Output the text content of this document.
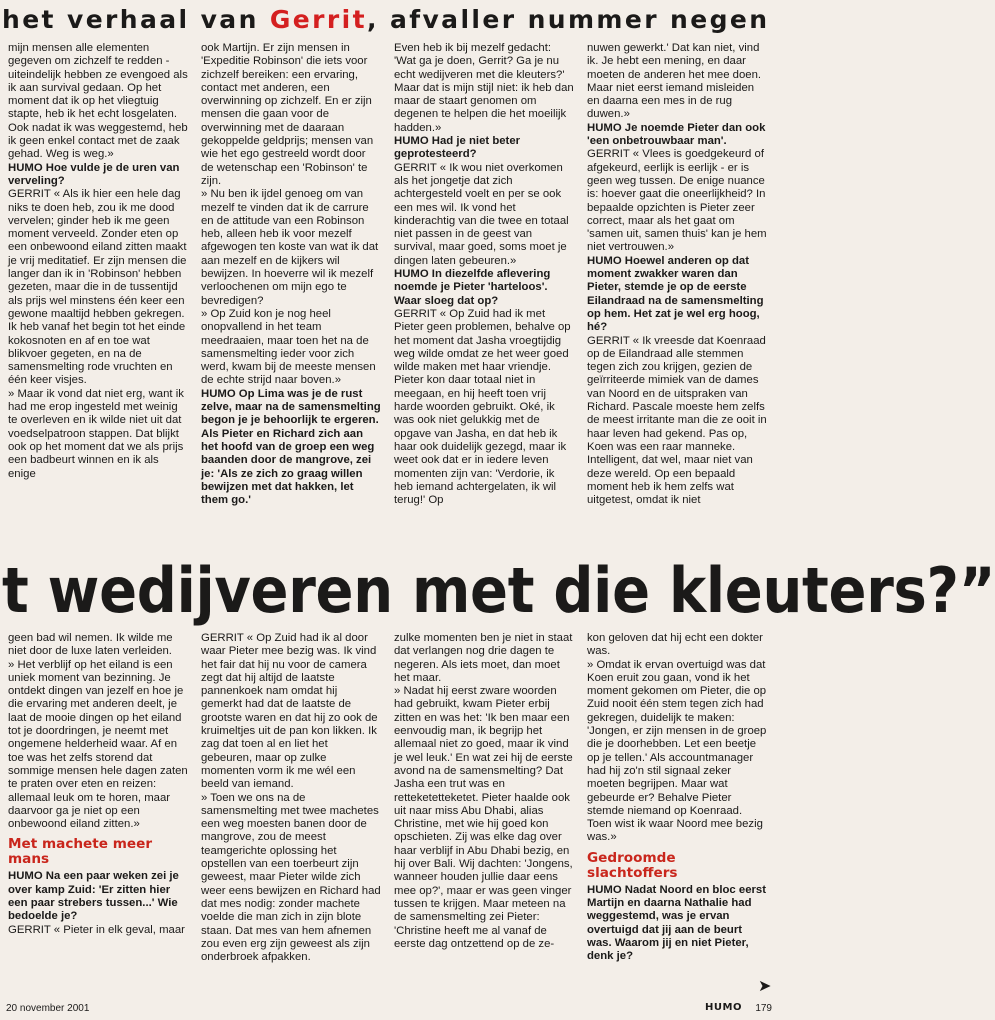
het verhaal van Gerrit, afvaller nummer negen
mijn mensen alle elementen gegeven om zichzelf te redden - uiteindelijk hebben ze evengoed als ik aan survival gedaan. Op het moment dat ik op het vliegtuig stapte, heb ik het echt losgelaten. Ook nadat ik was weggestemd, heb ik geen enkel contact met de zaak gehad. Weg is weg.»
HUMO Hoe vulde je de uren van verveling?
GERRIT « Als ik hier een hele dag niks te doen heb, zou ik me dood vervelen; ginder heb ik me geen moment verveeld. Zonder eten op een onbewoond eiland zitten maakt je vrij meditatief. Er zijn mensen die langer dan ik in 'Robinson' hebben gezeten, maar die in de tussentijd als prijs wel minstens één keer een gewone maaltijd hebben gekregen. Ik heb vanaf het begin tot het einde kokosnoten en af en toe wat blikvoer gegeten, en na de samensmelting rode vruchten en één keer visjes.
» Maar ik vond dat niet erg, want ik had me erop ingesteld met weinig te overleven en ik wilde niet uit dat voedselpatroon stappen. Dat blijkt ook op het moment dat we als prijs een badbeurt winnen en ik als enige
ook Martijn. Er zijn mensen in 'Expeditie Robinson' die iets voor zichzelf bereiken: een ervaring, contact met anderen, een overwinning op zichzelf. En er zijn mensen die gaan voor de overwinning met de daaraan gekoppelde geldprijs; mensen van wie het ego gestreeld wordt door de wetenschap een 'Robinson' te zijn.
» Nu ben ik ijdel genoeg om van mezelf te vinden dat ik de carrure en de attitude van een Robinson heb, alleen heb ik voor mezelf afgewogen ten koste van wat ik dat aan mezelf en de kijkers wil bewijzen. In hoeverre wil ik mezelf verloochenen om mijn ego te bevredigen?
» Op Zuid kon je nog heel onopvallend in het team meedraaien, maar toen het na de samensmelting ieder voor zich werd, kwam bij de meeste mensen de echte strijd naar boven.»
HUMO Op Lima was je de rust zelve, maar na de samensmelting begon je je behoorlijk te ergeren. Als Pieter en Richard zich aan het hoofd van de groep een weg baanden door de mangrove, zei je: 'Als ze zich zo graag willen bewijzen met dat hakken, let them go.'
Even heb ik bij mezelf gedacht: 'Wat ga je doen, Gerrit? Ga je nu echt wedijveren met die kleuters?' Maar dat is mijn stijl niet: ik heb dan maar de staart genomen om degenen te helpen die het moeilijk hadden.»
HUMO Had je niet beter geprotesteerd?
GERRIT « Ik wou niet overkomen als het jongetje dat zich achtergesteld voelt en per se ook een mes wil. Ik vond het kinderachtig van die twee en totaal niet passen in de geest van survival, maar goed, soms moet je dingen laten gebeuren.»
HUMO In diezelfde aflevering noemde je Pieter 'harteloos'. Waar sloeg dat op?
GERRIT « Op Zuid had ik met Pieter geen problemen, behalve op het moment dat Jasha vroegtijdig weg wilde omdat ze het weer goed wilde maken met haar vriendje. Pieter kon daar totaal niet in meegaan, en hij heeft toen vrij harde woorden gebruikt. Oké, ik was ook niet gelukkig met de opgave van Jasha, en dat heb ik haar ook duidelijk gezegd, maar ik weet ook dat er in iedere leven momenten zijn van: 'Verdorie, ik heb iemand achtergelaten, ik wil terug!' Op
nuwen gewerkt.' Dat kan niet, vind ik. Je hebt een mening, en daar moeten de anderen het mee doen. Maar niet eerst iemand misleiden en daarna een mes in de rug duwen.»
HUMO Je noemde Pieter dan ook 'een onbetrouwbaar man'.
GERRIT « Vlees is goedgekeurd of afgekeurd, eerlijk is eerlijk - er is geen weg tussen. De enige nuance is: hoever gaat die oneerlijkheid? In bepaalde opzichten is Pieter zeer correct, maar als het gaat om 'samen uit, samen thuis' kan je hem niet vertrouwen.»
HUMO Hoewel anderen op dat moment zwakker waren dan Pieter, stemde je op de eerste Eilandraad na de samensmelting op hem. Het zat je wel erg hoog, hé?
GERRIT « Ik vreesde dat Koenraad op de Eilandraad alle stemmen tegen zich zou krijgen, gezien de geïrriteerde mimiek van de dames van Noord en de uitspraken van Richard. Pascale moeste hem zelfs de meest irritante man die ze ooit in haar leven had gekend. Pas op, Koen was een raar manneke. Intelligent, dat wel, maar niet van deze wereld. Op een bepaald moment heb ik hem zelfs wat uitgetest, omdat ik niet
t wedijveren met die kleuters?”
geen bad wil nemen. Ik wilde me niet door de luxe laten verleiden.
» Het verblijf op het eiland is een uniek moment van bezinning. Je ontdekt dingen van jezelf en hoe je die ervaring met anderen deelt, je laat de mooie dingen op het eiland tot je doordringen, je neemt met ongemene helderheid waar. Af en toe was het zelfs storend dat sommige mensen hele dagen zaten te praten over eten en reizen: allemaal leuk om te horen, maar daarvoor ga je niet op een onbewoond eiland zitten.»
Met machete meer mans
HUMO Na een paar weken zei je over kamp Zuid: 'Er zitten hier een paar strebers tussen...' Wie bedoelde je?
GERRIT « Pieter in elk geval, maar
GERRIT « Op Zuid had ik al door waar Pieter mee bezig was. Ik vind het fair dat hij nu voor de camera zegt dat hij altijd de laatste pannenkoek nam omdat hij gemerkt had dat de laatste de grootste waren en dat hij zo ook de kruimeltjes uit de pan kon likken. Ik zag dat toen al en liet het gebeuren, maar op zulke momenten vorm ik me wél een beeld van iemand.
» Toen we ons na de samensmelting met twee machetes een weg moesten banen door de mangrove, zou de meest teamgerichte oplossing het opstellen van een toerbeurt zijn geweest, maar Pieter wilde zich weer eens bewijzen en Richard had dat mes nodig: zonder machete voelde die man zich in zijn blote staan. Dat mes van hem afnemen zou even erg zijn geweest als zijn onderbroek afpakken.
zulke momenten ben je niet in staat dat verlangen nog drie dagen te negeren. Als iets moet, dan moet het maar.
» Nadat hij eerst zware woorden had gebruikt, kwam Pieter erbij zitten en was het: 'Ik ben maar een eenvoudig man, ik begrijp het allemaal niet zo goed, maar ik vind je wel leuk.' En wat zei hij de eerste avond na de samensmelting? Dat Jasha een trut was en retteketetteketet. Pieter haalde ook uit naar miss Abu Dhabi, alias Christine, met wie hij goed kon opschieten. Zij was elke dag over haar verblijf in Abu Dhabi bezig, en hij over Bali. Wij dachten: 'Jongens, wanneer houden jullie daar eens mee op?', maar er was geen vinger tussen te krijgen. Maar meteen na de samensmelting zei Pieter: 'Christine heeft me al vanaf de eerste dag ontzettend op de ze-
kon geloven dat hij echt een dokter was.
» Omdat ik ervan overtuigd was dat Koen eruit zou gaan, vond ik het moment gekomen om Pieter, die op Zuid nooit één stem tegen zich had gekregen, duidelijk te maken: 'Jongen, er zijn mensen in de groep die je doorhebben. Let een beetje op je tellen.' Als accountmanager had hij zo'n stil signaal zeker moeten begrijpen. Maar wat gebeurde er? Behalve Pieter stemde niemand op Koenraad. Toen wist ik waar Noord mee bezig was.»
Gedroomde slachtoffers
HUMO Nadat Noord en bloc eerst Martijn en daarna Nathalie had weggestemd, was je ervan overtuigd dat jij aan de beurt was. Waarom jij en niet Pieter, denk je?
➤
20 november 2001	HUMO 179
